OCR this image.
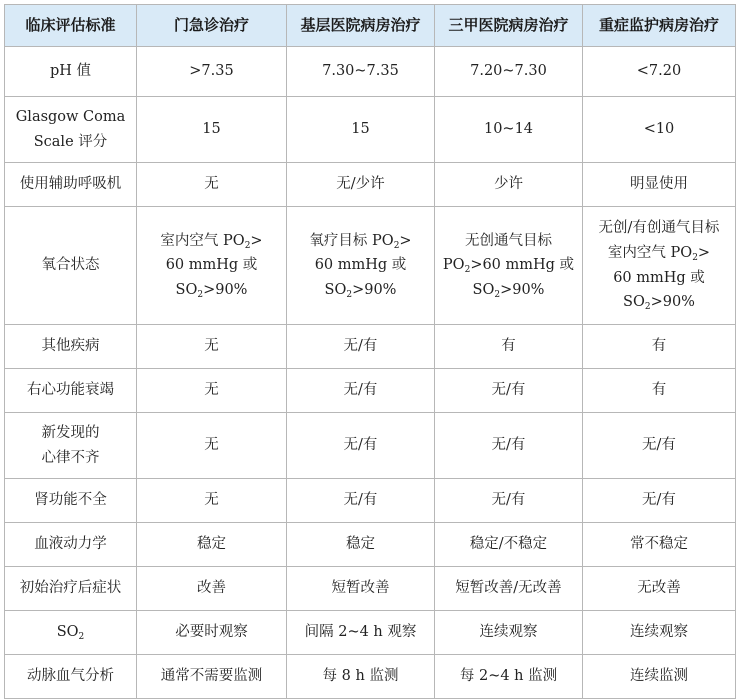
临床评估标准	门急诊治疗	基层医院病房治疗	三甲医院病房治疗	重症监护病房治疗

pH 值	>7.35	7.30~7.35	7.20~7.30	<7.20

Glasgow Coma
Scale 评分	15	15	10~14	<10

使用辅助呼吸机	无	无/少许	少许	明显使用

氧合状态	室内空气 $PO_2>$
60 mmHg 或
$SO_2>90\%$	氧疗目标 $PO_2>$
60 mmHg 或
$SO_2>90\%$	无创通气目标
$PO_2>60$ mmHg 或
$SO_2>90\%$	无创/有创通气目标
室内空气 $PO_2>$
60 mmHg 或
$SO_2>90\%$

其他疾病	无	无/有	有	有

右心功能衰竭	无	无/有	无/有	有

新发现的
心律不齐	无	无/有	无/有	无/有

肾功能不全	无	无/有	无/有	无/有

血液动力学	稳定	稳定	稳定/不稳定	常不稳定

初始治疗后症状	改善	短暂改善	短暂改善/无改善	无改善

$SO_2$	必要时观察	间隔 2~4 h 观察	连续观察	连续观察

动脉血气分析	通常不需要监测	每 8 h 监测	每 2~4 h 监测	连续监测
